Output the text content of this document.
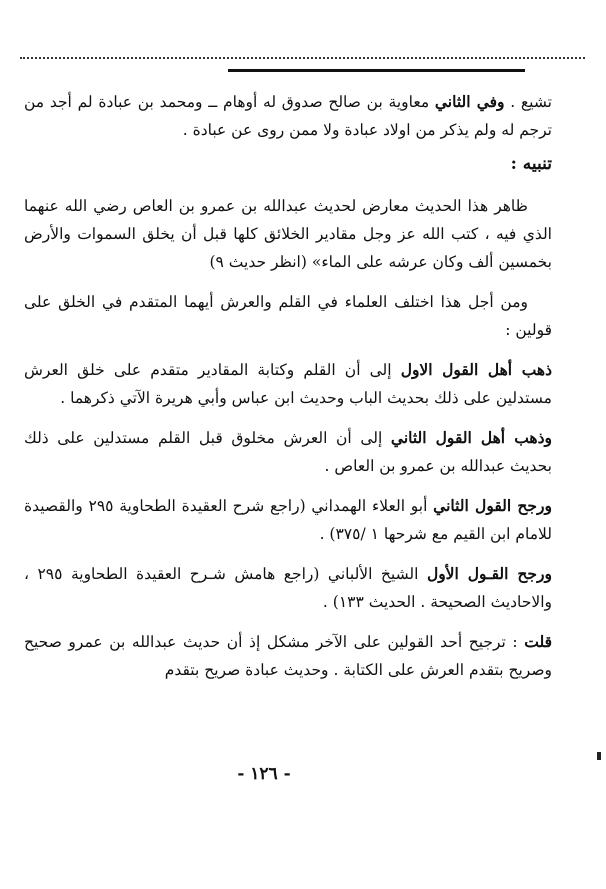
تشيع . وفي الثاني معاوية بن صالح صدوق له أوهام ــ ومحمد بن عبادة لم أجد من ترجم له ولم يذكر من اولاد عبادة ولا ممن روى عن عبادة .

تنبيه :

ظاهر هذا الحديث معارض لحديث عبدالله بن عمرو بن العاص رضي الله عنهما الذي فيه ، كتب الله عز وجل مقادير الخلائق كلها قبل أن يخلق السموات والأرض بخمسين ألف وكان عرشه على الماء» (انظر حديث ٩)

ومن أجل هذا اختلف العلماء في القلم والعرش أيهما المتقدم في الخلق على قولين :

ذهب أهل القول الاول إلى أن القلم وكتابة المقادير متقدم على خلق العرش مستدلين على ذلك بحديث الباب وحديث ابن عباس وأبي هريرة الآتي ذكرهما .

وذهب أهل القول الثاني إلى أن العرش مخلوق قبل القلم مستدلين على ذلك بحديث عبدالله بن عمرو بن العاص .

ورجح القول الثاني أبو العلاء الهمداني (راجع شرح العقيدة الطحاوية ٢٩٥ والقصيدة للامام ابن القيم مع شرحها ١ /٣٧٥) .

ورجح القـول الأول الشيخ الألباني (راجع هامش شـرح العقيدة الطحاوية ٢٩٥ ، والاحاديث الصحيحة . الحديث ١٣٣) .

قلت : ترجيح أحد القولين على الآخر مشكل إذ أن حديث عبدالله بن عمرو صحيح وصريح بتقدم العرش على الكتابة . وحديث عبادة صريح بتقدم

- ١٢٦ -
